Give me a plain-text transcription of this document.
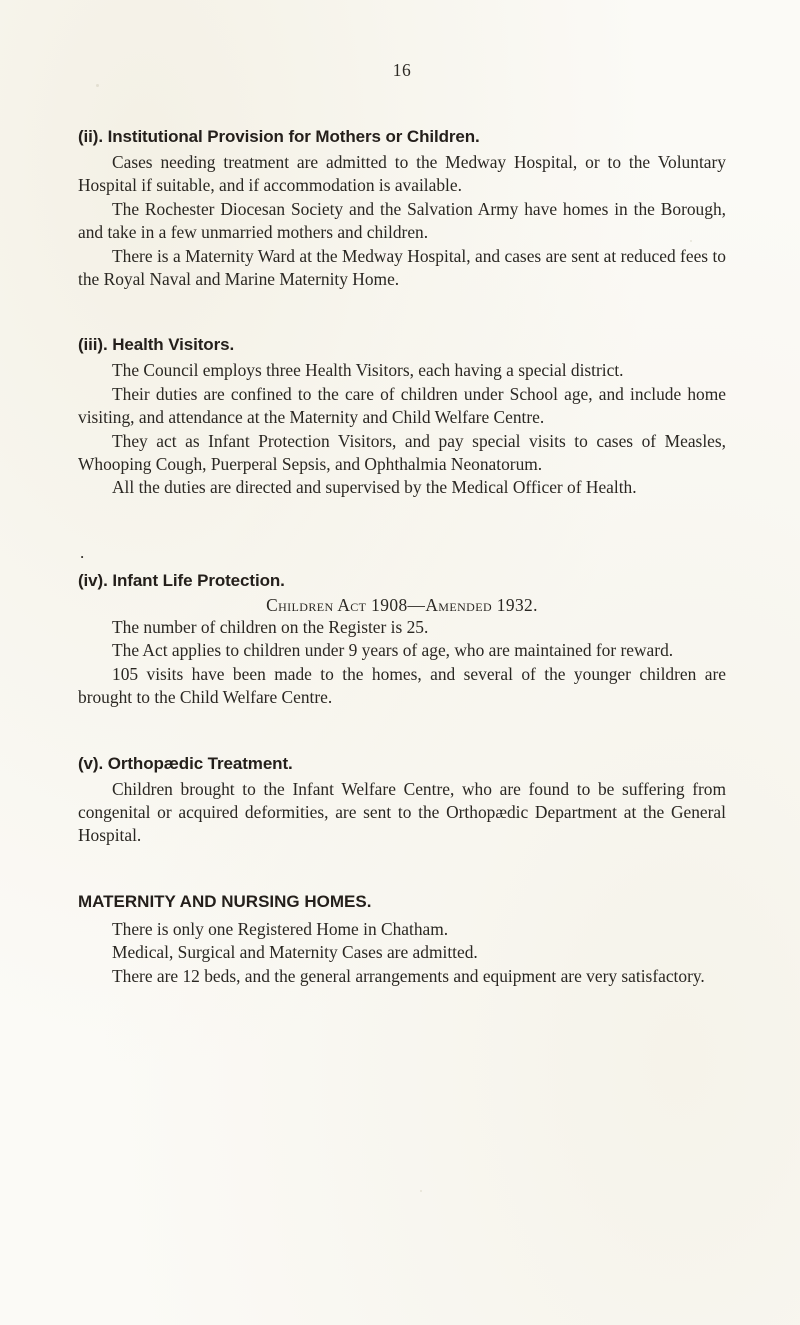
16
(ii). Institutional Provision for Mothers or Children.

Cases needing treatment are admitted to the Medway Hospital, or to the Voluntary Hospital if suitable, and if accommodation is available.

The Rochester Diocesan Society and the Salvation Army have homes in the Borough, and take in a few unmarried mothers and children.

There is a Maternity Ward at the Medway Hospital, and cases are sent at reduced fees to the Royal Naval and Marine Maternity Home.

(iii). Health Visitors.

The Council employs three Health Visitors, each having a special district.

Their duties are confined to the care of children under School age, and include home visiting, and attendance at the Maternity and Child Welfare Centre.

They act as Infant Protection Visitors, and pay special visits to cases of Measles, Whooping Cough, Puerperal Sepsis, and Ophthalmia Neonatorum.

All the duties are directed and supervised by the Medical Officer of Health.

.
(iv). Infant Life Protection.

Children Act 1908—Amended 1932.

The number of children on the Register is 25.

The Act applies to children under 9 years of age, who are maintained for reward.

105 visits have been made to the homes, and several of the younger children are brought to the Child Welfare Centre.

(v). Orthopædic Treatment.

Children brought to the Infant Welfare Centre, who are found to be suffering from congenital or acquired deformities, are sent to the Orthopædic Department at the General Hospital.

MATERNITY AND NURSING HOMES.

There is only one Registered Home in Chatham.

Medical, Surgical and Maternity Cases are admitted.

There are 12 beds, and the general arrangements and equipment are very satisfactory.
